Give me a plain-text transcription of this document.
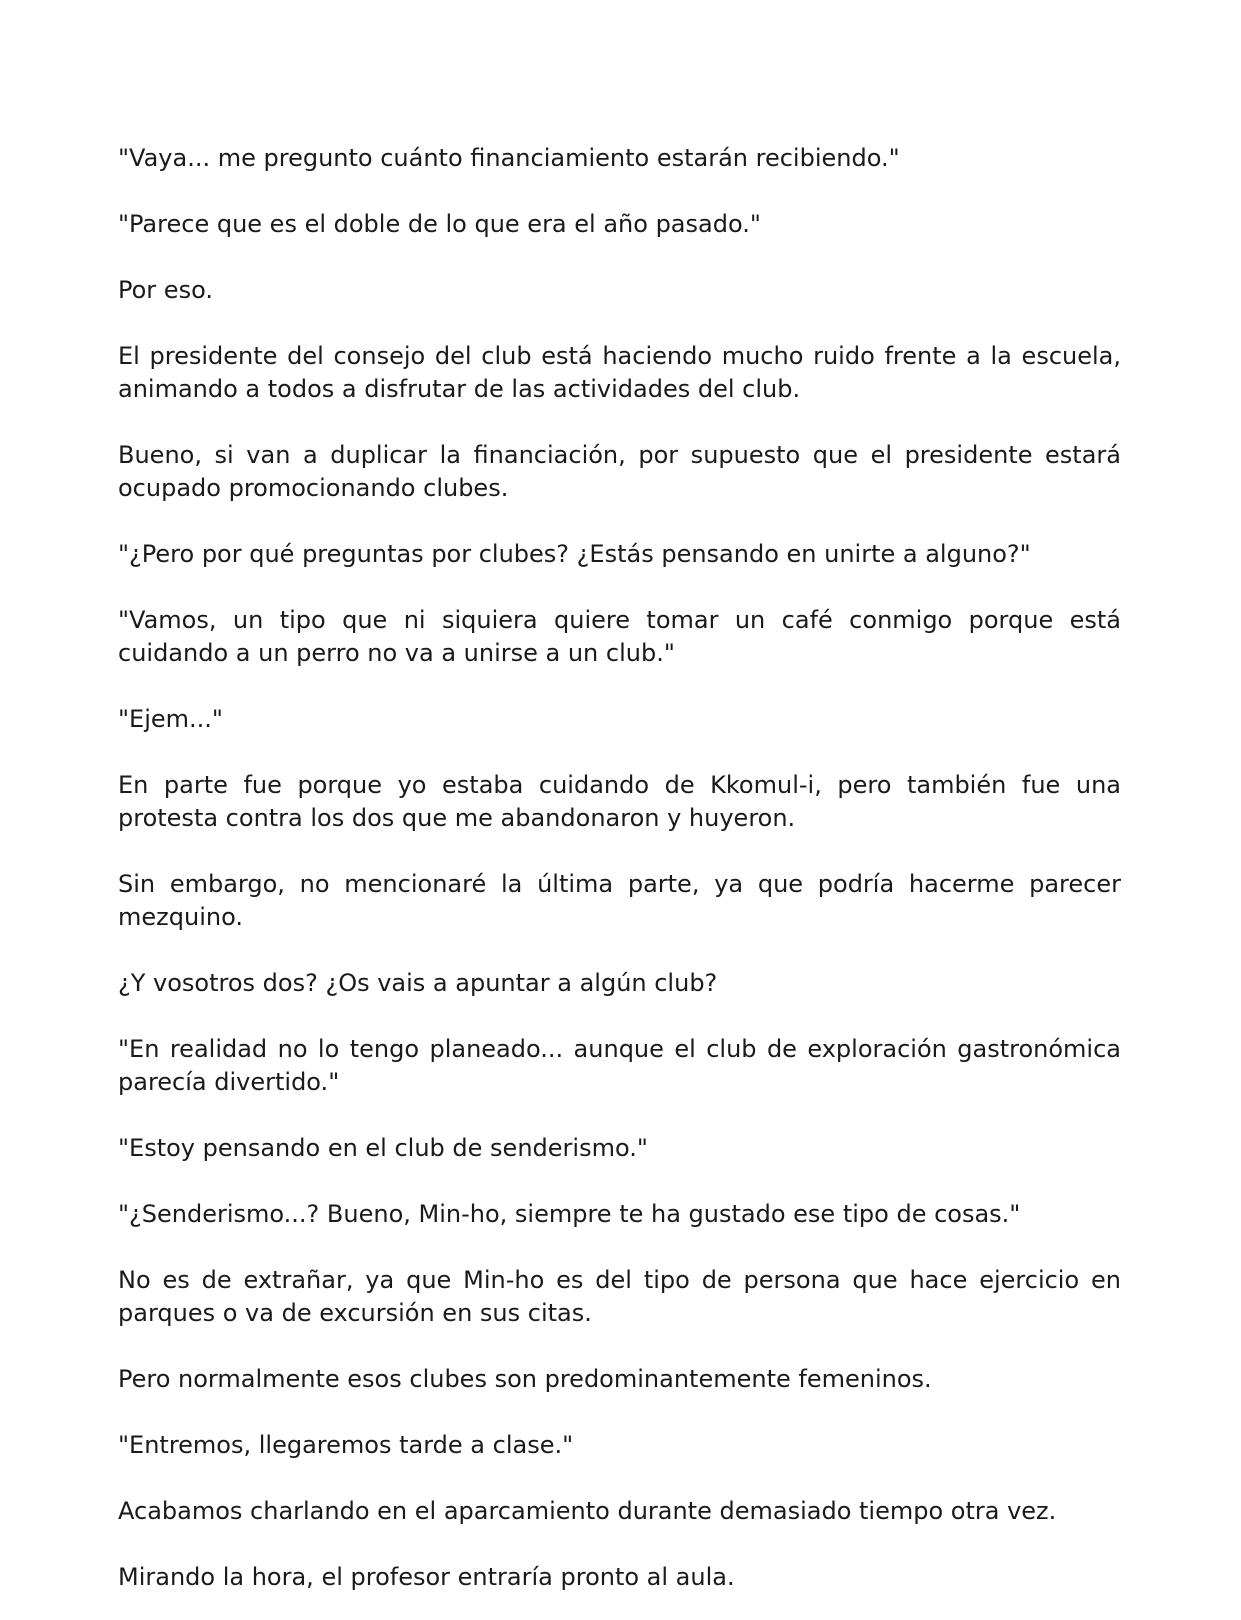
"Vaya... me pregunto cuánto financiamiento estarán recibiendo."

"Parece que es el doble de lo que era el año pasado."

Por eso.

El presidente del consejo del club está haciendo mucho ruido frente a la escuela, animando a todos a disfrutar de las actividades del club.

Bueno, si van a duplicar la financiación, por supuesto que el presidente estará ocupado promocionando clubes.

"¿Pero por qué preguntas por clubes? ¿Estás pensando en unirte a alguno?"

"Vamos, un tipo que ni siquiera quiere tomar un café conmigo porque está cuidando a un perro no va a unirse a un club."

"Ejem..."

En parte fue porque yo estaba cuidando de Kkomul-i, pero también fue una protesta contra los dos que me abandonaron y huyeron.

Sin embargo, no mencionaré la última parte, ya que podría hacerme parecer mezquino.

¿Y vosotros dos? ¿Os vais a apuntar a algún club?

"En realidad no lo tengo planeado... aunque el club de exploración gastronómica parecía divertido."

"Estoy pensando en el club de senderismo."

"¿Senderismo...? Bueno, Min-ho, siempre te ha gustado ese tipo de cosas."

No es de extrañar, ya que Min-ho es del tipo de persona que hace ejercicio en parques o va de excursión en sus citas.

Pero normalmente esos clubes son predominantemente femeninos.

"Entremos, llegaremos tarde a clase."

Acabamos charlando en el aparcamiento durante demasiado tiempo otra vez.

Mirando la hora, el profesor entraría pronto al aula.
